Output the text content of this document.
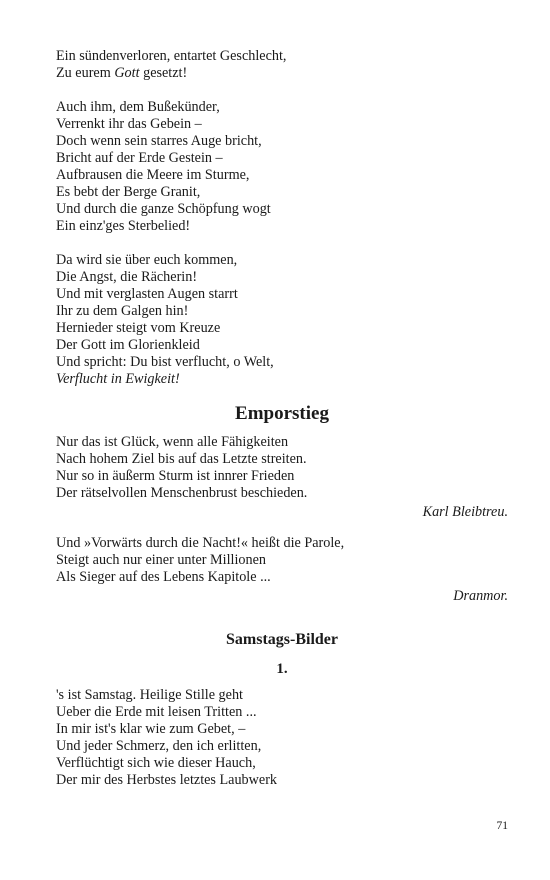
Ein sündenverloren, entartet Geschlecht,
Zu eurem Gott gesetzt!
Auch ihm, dem Bußekünder,
Verrenkt ihr das Gebein –
Doch wenn sein starres Auge bricht,
Bricht auf der Erde Gestein –
Aufbrausen die Meere im Sturme,
Es bebt der Berge Granit,
Und durch die ganze Schöpfung wogt
Ein einz'ges Sterbelied!
Da wird sie über euch kommen,
Die Angst, die Rächerin!
Und mit verglasten Augen starrt
Ihr zu dem Galgen hin!
Hernieder steigt vom Kreuze
Der Gott im Glorienkleid
Und spricht: Du bist verflucht, o Welt,
Verflucht in Ewigkeit!
Emporstieg
Nur das ist Glück, wenn alle Fähigkeiten
Nach hohem Ziel bis auf das Letzte streiten.
Nur so in äußerm Sturm ist innrer Frieden
Der rätselvollen Menschenbrust beschieden.
Karl Bleibtreu.
Und »Vorwärts durch die Nacht!« heißt die Parole,
Steigt auch nur einer unter Millionen
Als Sieger auf des Lebens Kapitole ...
Dranmor.
Samstags-Bilder
1.
's ist Samstag. Heilige Stille geht
Ueber die Erde mit leisen Tritten ...
In mir ist's klar wie zum Gebet, –
Und jeder Schmerz, den ich erlitten,
Verflüchtigt sich wie dieser Hauch,
Der mir des Herbstes letztes Laubwerk
71
